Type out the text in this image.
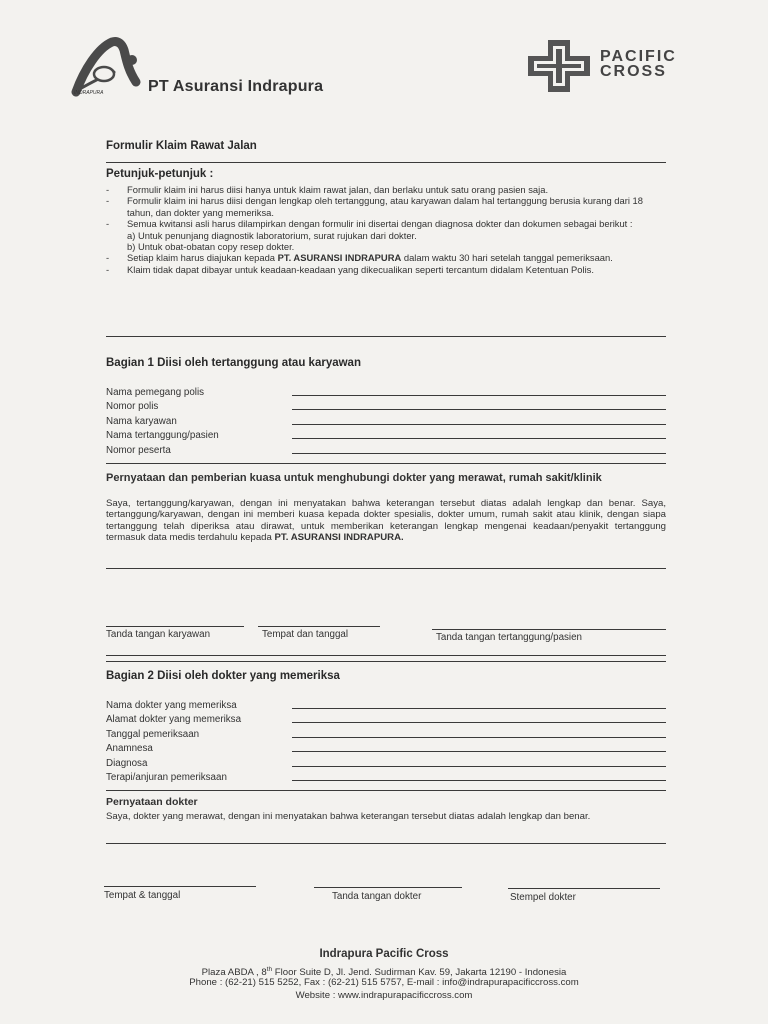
INDRAPURA	PT Asuransi Indrapura
PACIFIC
CROSS
Formulir Klaim Rawat Jalan
Petunjuk-petunjuk :
- Formulir klaim ini harus diisi hanya untuk klaim rawat jalan, dan berlaku untuk satu orang pasien saja.
- Formulir klaim ini harus diisi dengan lengkap oleh tertanggung, atau karyawan dalam hal tertanggung berusia kurang dari 18 tahun, dan dokter yang memeriksa.
- Semua kwitansi asli harus dilampirkan dengan formulir ini disertai dengan diagnosa dokter dan dokumen sebagai berikut :
a) Untuk penunjang diagnostik laboratorium, surat rujukan dari dokter.
b) Untuk obat-obatan copy resep dokter.
- Setiap klaim harus diajukan kepada PT. ASURANSI INDRAPURA dalam waktu 30 hari setelah tanggal pemeriksaan.
- Klaim tidak dapat dibayar untuk keadaan-keadaan yang dikecualikan seperti tercantum didalam Ketentuan Polis.
Bagian 1 Diisi oleh tertanggung atau karyawan
Nama pemegang polis
Nomor polis
Nama karyawan
Nama tertanggung/pasien
Nomor peserta
Pernyataan dan pemberian kuasa untuk menghubungi dokter yang merawat, rumah sakit/klinik
Saya, tertanggung/karyawan, dengan ini menyatakan bahwa keterangan tersebut diatas adalah lengkap dan benar. Saya, tertanggung/karyawan, dengan ini memberi kuasa kepada dokter spesialis, dokter umum, rumah sakit atau klinik, dengan siapa tertanggung telah diperiksa atau dirawat, untuk memberikan keterangan lengkap mengenai keadaan/penyakit tertanggung termasuk data medis terdahulu kepada PT. ASURANSI INDRAPURA.
Tanda tangan karyawan	Tempat dan tanggal	Tanda tangan tertanggung/pasien
Bagian 2 Diisi oleh dokter yang memeriksa
Nama dokter yang memeriksa
Alamat dokter yang memeriksa
Tanggal pemeriksaan
Anamnesa
Diagnosa
Terapi/anjuran pemeriksaan
Pernyataan dokter
Saya, dokter yang merawat, dengan ini menyatakan bahwa keterangan tersebut diatas adalah lengkap dan benar.
Tempat & tanggal	Tanda tangan dokter	Stempel dokter
Indrapura Pacific Cross
Plaza ABDA , 8th Floor Suite D, Jl. Jend. Sudirman Kav. 59, Jakarta 12190 - Indonesia
Phone : (62-21) 515 5252, Fax : (62-21) 515 5757, E-mail : info@indrapurapacificcross.com
Website : www.indrapurapacificcross.com
